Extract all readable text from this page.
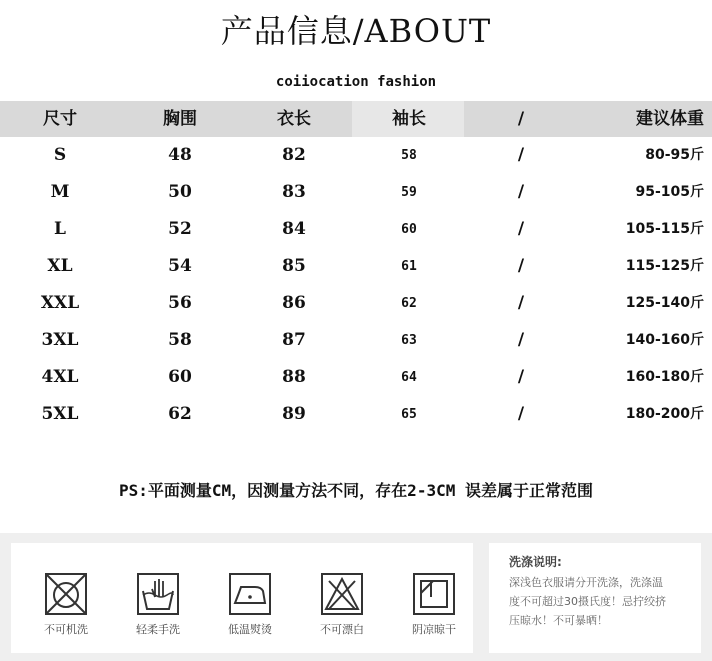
产品信息/ABOUT
coiiocation fashion
尺寸	胸围	衣长	袖长	/	建议体重
S	48	82	58	/	80-95斤
M	50	83	59	/	95-105斤
L	52	84	60	/	105-115斤
XL	54	85	61	/	115-125斤
XXL	56	86	62	/	125-140斤
3XL	58	87	63	/	140-160斤
4XL	60	88	64	/	160-180斤
5XL	62	89	65	/	180-200斤
PS:平面测量CM，因测量方法不同，存在2-3CM 误差属于正常范围
不可机洗	轻柔手洗	低温熨烫	不可漂白	阴凉晾干
洗涤说明:
深浅色衣服请分开洗涤，洗涤温
度不可超过30摄氏度！忌拧绞挤
压晾水！不可暴晒！
